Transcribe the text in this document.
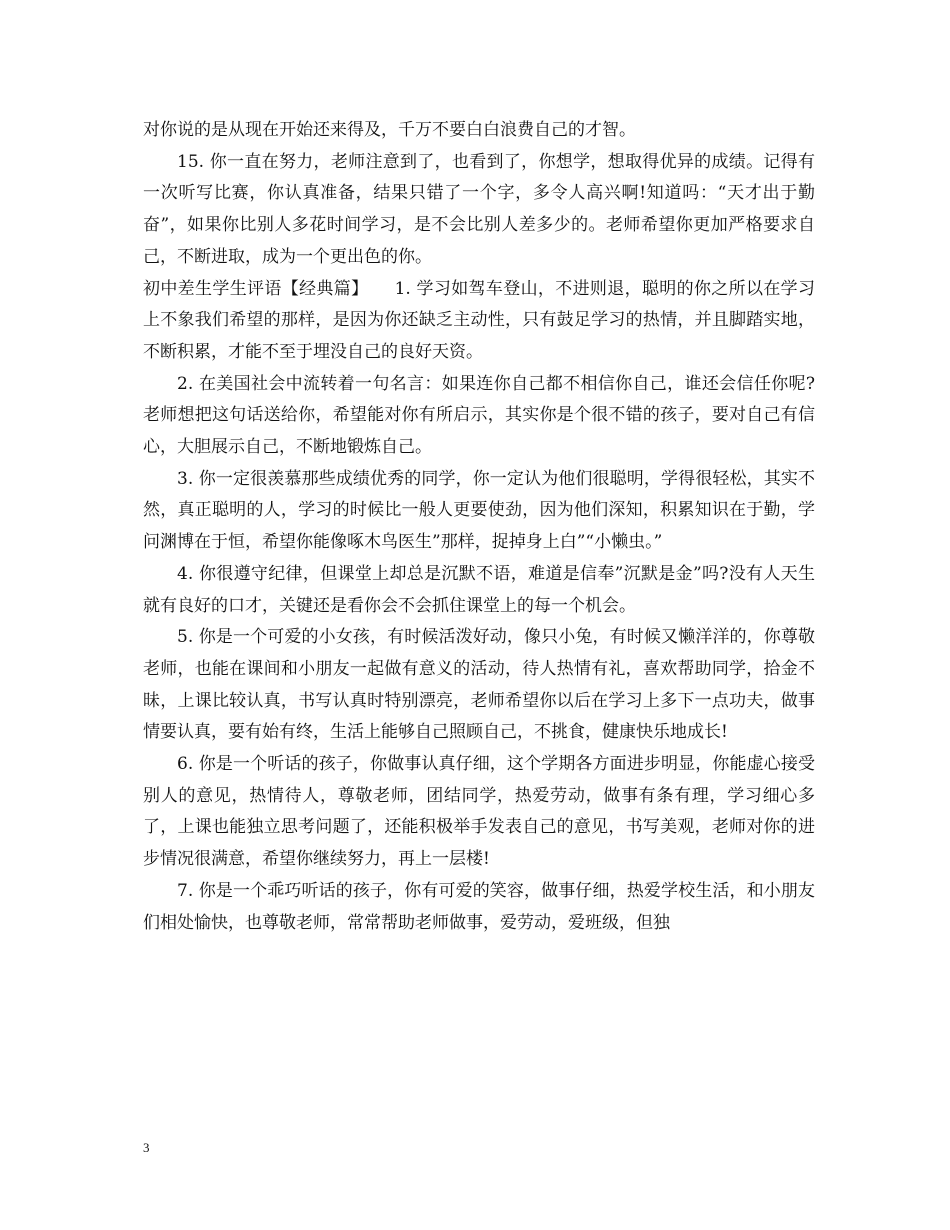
对你说的是从现在开始还来得及，千万不要白白浪费自己的才智。

15. 你一直在努力，老师注意到了，也看到了，你想学，想取得优异的成绩。记得有一次听写比赛，你认真准备，结果只错了一个字，多令人高兴啊!知道吗：“天才出于勤奋”，如果你比别人多花时间学习，是不会比别人差多少的。老师希望你更加严格要求自己，不断进取，成为一个更出色的你。

初中差生学生评语【经典篇】　　1. 学习如驾车登山，不进则退，聪明的你之所以在学习上不象我们希望的那样，是因为你还缺乏主动性，只有鼓足学习的热情，并且脚踏实地，不断积累，才能不至于埋没自己的良好天资。

2. 在美国社会中流转着一句名言：如果连你自己都不相信你自己，谁还会信任你呢?老师想把这句话送给你，希望能对你有所启示，其实你是个很不错的孩子，要对自己有信心，大胆展示自己，不断地锻炼自己。

3. 你一定很羡慕那些成绩优秀的同学，你一定认为他们很聪明，学得很轻松，其实不然，真正聪明的人，学习的时候比一般人更要使劲，因为他们深知，积累知识在于勤，学问渊博在于恒，希望你能像啄木鸟医生”那样，捉掉身上白”“小懒虫。”

4. 你很遵守纪律，但课堂上却总是沉默不语，难道是信奉”沉默是金”吗?没有人天生就有良好的口才，关键还是看你会不会抓住课堂上的每一个机会。

5. 你是一个可爱的小女孩，有时候活泼好动，像只小兔，有时候又懒洋洋的，你尊敬老师，也能在课间和小朋友一起做有意义的活动，待人热情有礼，喜欢帮助同学，拾金不昧，上课比较认真，书写认真时特别漂亮，老师希望你以后在学习上多下一点功夫，做事情要认真，要有始有终，生活上能够自己照顾自己，不挑食，健康快乐地成长!

6. 你是一个听话的孩子，你做事认真仔细，这个学期各方面进步明显，你能虚心接受别人的意见，热情待人，尊敬老师，团结同学，热爱劳动，做事有条有理，学习细心多了，上课也能独立思考问题了，还能积极举手发表自己的意见，书写美观，老师对你的进步情况很满意，希望你继续努力，再上一层楼!

7. 你是一个乖巧听话的孩子，你有可爱的笑容，做事仔细，热爱学校生活，和小朋友们相处愉快，也尊敬老师，常常帮助老师做事，爱劳动，爱班级，但独

3
